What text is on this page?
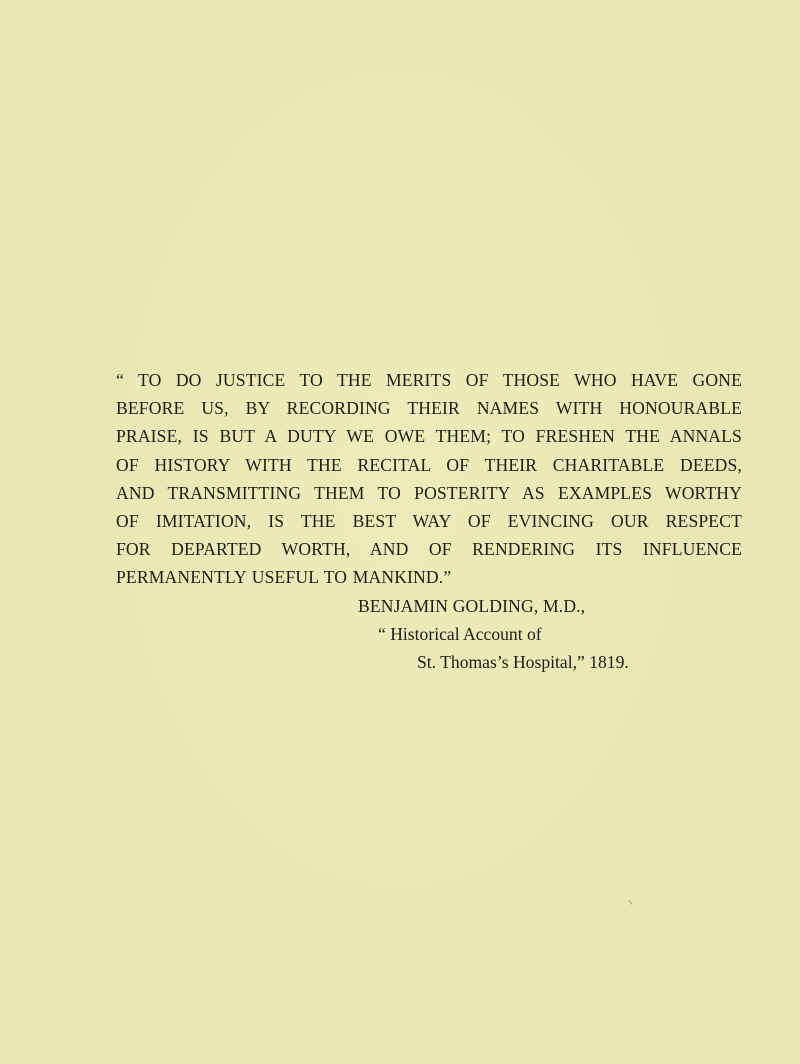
“ TO DO JUSTICE TO THE MERITS OF THOSE WHO HAVE GONE
BEFORE US, BY RECORDING THEIR NAMES WITH HONOURABLE
PRAISE, IS BUT A DUTY WE OWE THEM; TO FRESHEN THE ANNALS
OF HISTORY WITH THE RECITAL OF THEIR CHARITABLE DEEDS,
AND TRANSMITTING THEM TO POSTERITY AS EXAMPLES WORTHY
OF IMITATION, IS THE BEST WAY OF EVINCING OUR RESPECT
FOR DEPARTED WORTH, AND OF RENDERING ITS INFLUENCE
PERMANENTLY USEFUL TO MANKIND.”
BENJAMIN GOLDING, M.D.,
“ Historical Account of
St. Thomas’s Hospital,” 1819.
